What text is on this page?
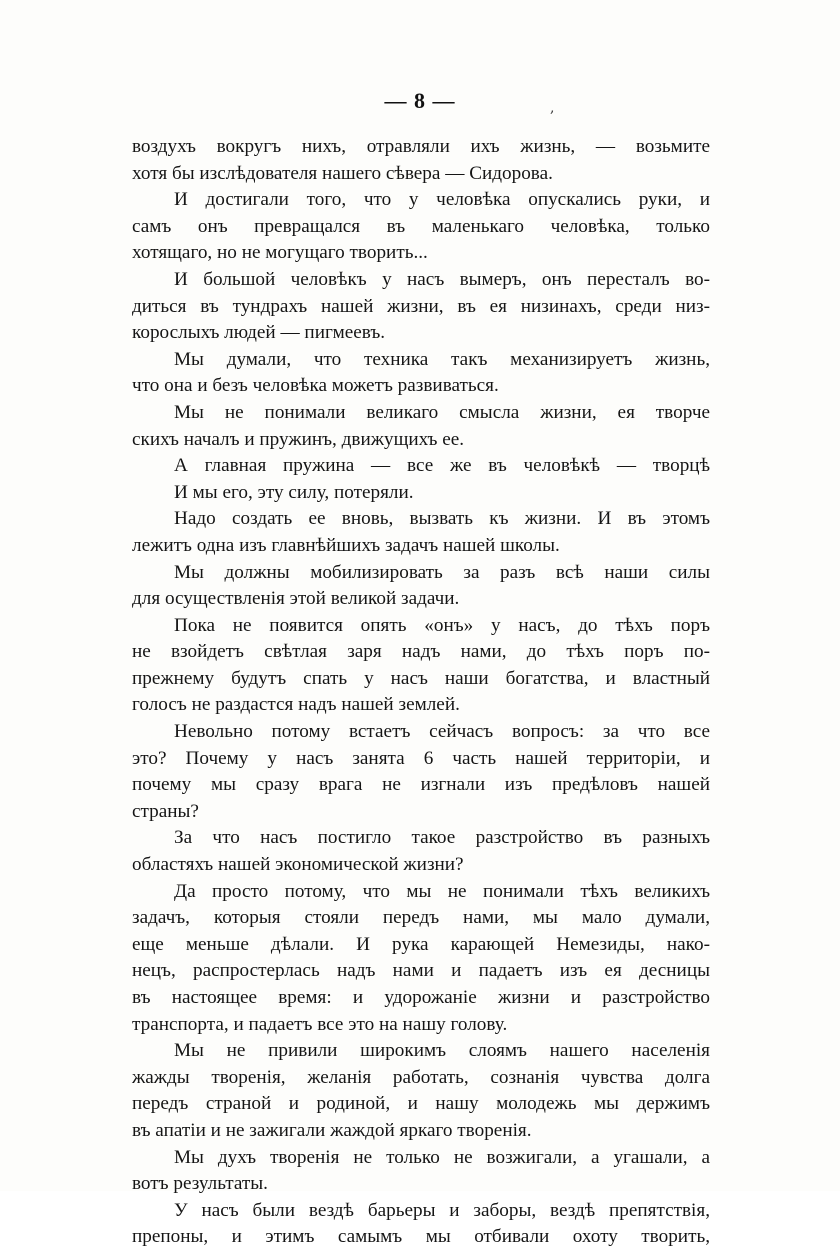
— 8 —	,
воздухъ вокругъ нихъ, отравляли ихъ жизнь, — возьмите
хотя бы изслѣдователя нашего сѣвера — Сидорова.
И достигали того, что у человѣка опускались руки, и
самъ онъ превращался въ маленькаго человѣка, только
хотящаго, но не могущаго творить...
И большой человѣкъ у насъ вымеръ, онъ пересталъ во-
диться въ тундрахъ нашей жизни, въ ея низинахъ, среди низ-
корослыхъ людей — пигмеевъ.
Мы думали, что техника такъ механизируетъ жизнь,
что она и безъ человѣка можетъ развиваться.
Мы не понимали великаго смысла жизни, ея творче
скихъ началъ и пружинъ, движущихъ ее.
А главная пружина — все же въ человѣкѣ — творцѣ
И мы его, эту силу, потеряли.
Надо создать ее вновь, вызвать къ жизни. И въ этомъ
лежитъ одна изъ главнѣйшихъ задачъ нашей школы.
Мы должны мобилизировать за разъ всѣ наши силы
для осуществленія этой великой задачи.
Пока не появится опять «онъ» у насъ, до тѣхъ поръ
не взойдетъ свѣтлая заря надъ нами, до тѣхъ поръ по-
прежнему будутъ спать у насъ наши богатства, и властный
голосъ не раздастся надъ нашей землей.
Невольно потому встаетъ сейчасъ вопросъ: за что все
это? Почему у насъ занята 6 часть нашей территоріи, и
почему мы сразу врага не изгнали изъ предѣловъ нашей
страны?
За что насъ постигло такое разстройство въ разныхъ
областяхъ нашей экономической жизни?
Да просто потому, что мы не понимали тѣхъ великихъ
задачъ, которыя стояли передъ нами, мы мало думали,
еще меньше дѣлали. И рука карающей Немезиды, нако-
нецъ, распростерлась надъ нами и падаетъ изъ ея десницы
въ настоящее время: и удорожаніе жизни и разстройство
транспорта, и падаетъ все это на нашу голову.
Мы не привили широкимъ слоямъ нашего населенія
жажды творенія, желанія работать, сознанія чувства долга
передъ страной и родиной, и нашу молодежь мы держимъ
въ апатіи и не зажигали жаждой яркаго творенія.
Мы духъ творенія не только не возжигали, а угашали, а
вотъ результаты.
У насъ были вездѣ барьеры и заборы, вездѣ препятствія,
препоны, и этимъ самымъ мы отбивали охоту творить,
